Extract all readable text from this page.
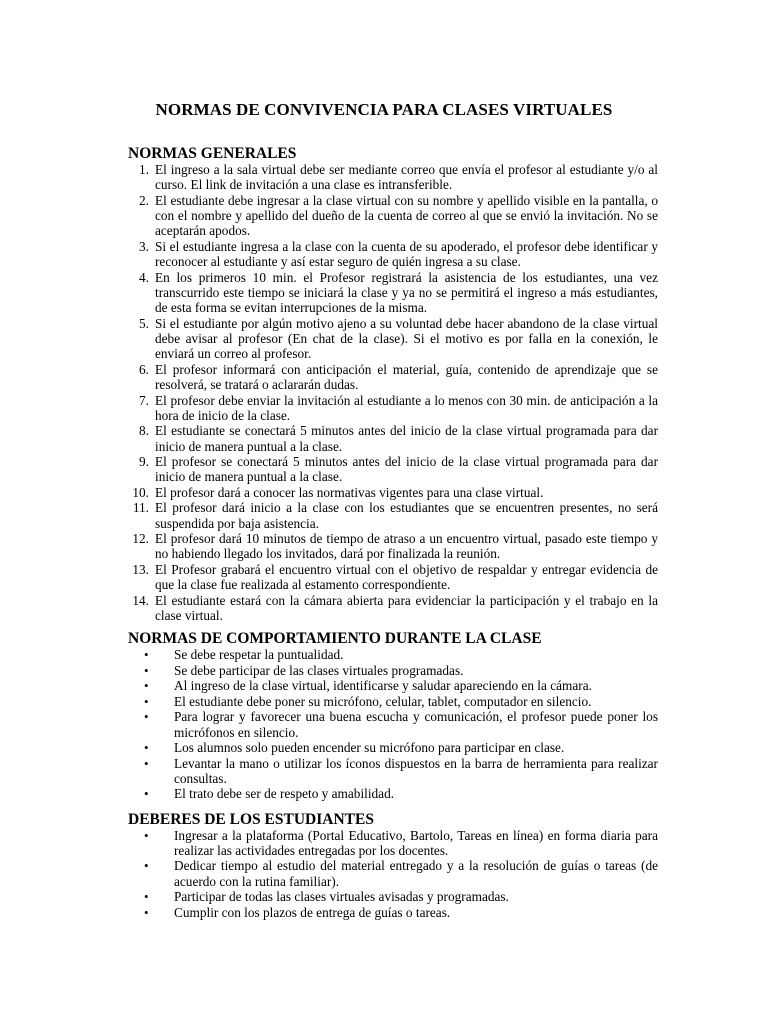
NORMAS DE CONVIVENCIA PARA CLASES VIRTUALES
NORMAS GENERALES
1. El ingreso a la sala virtual debe ser mediante correo que envía el profesor al estudiante y/o al curso. El link de invitación a una clase es intransferible.
2. El estudiante debe ingresar a la clase virtual con su nombre y apellido visible en la pantalla, o con el nombre y apellido del dueño de la cuenta de correo al que se envió la invitación. No se aceptarán apodos.
3. Si el estudiante ingresa a la clase con la cuenta de su apoderado, el profesor debe identificar y reconocer al estudiante y así estar seguro de quién ingresa a su clase.
4. En los primeros 10 min. el Profesor registrará la asistencia de los estudiantes, una vez transcurrido este tiempo se iniciará la clase y ya no se permitirá el ingreso a más estudiantes, de esta forma se evitan interrupciones de la misma.
5. Si el estudiante por algún motivo ajeno a su voluntad debe hacer abandono de la clase virtual debe avisar al profesor (En chat de la clase). Si el motivo es por falla en la conexión, le enviará un correo al profesor.
6. El profesor informará con anticipación el material, guía, contenido de aprendizaje que se resolverá, se tratará o aclararán dudas.
7. El profesor debe enviar la invitación al estudiante a lo menos con 30 min. de anticipación a la hora de inicio de la clase.
8. El estudiante se conectará 5 minutos antes del inicio de la clase virtual programada para dar inicio de manera puntual a la clase.
9. El profesor se conectará 5 minutos antes del inicio de la clase virtual programada para dar inicio de manera puntual a la clase.
10. El profesor dará a conocer las normativas vigentes para una clase virtual.
11. El profesor dará inicio a la clase con los estudiantes que se encuentren presentes, no será suspendida por baja asistencia.
12. El profesor dará 10 minutos de tiempo de atraso a un encuentro virtual, pasado este tiempo y no habiendo llegado los invitados, dará por finalizada la reunión.
13. El Profesor grabará el encuentro virtual con el objetivo de respaldar y entregar evidencia de que la clase fue realizada al estamento correspondiente.
14. El estudiante estará con la cámara abierta para evidenciar la participación y el trabajo en la clase virtual.
NORMAS DE COMPORTAMIENTO DURANTE LA CLASE
• Se debe respetar la puntualidad.
• Se debe participar de las clases virtuales programadas.
• Al ingreso de la clase virtual, identificarse y saludar apareciendo en la cámara.
• El estudiante debe poner su micrófono, celular, tablet, computador en silencio.
• Para lograr y favorecer una buena escucha y comunicación, el profesor puede poner los micrófonos en silencio.
• Los alumnos solo pueden encender su micrófono para participar en clase.
• Levantar la mano o utilizar los íconos dispuestos en la barra de herramienta para realizar consultas.
• El trato debe ser de respeto y amabilidad.
DEBERES DE LOS ESTUDIANTES
• Ingresar a la plataforma (Portal Educativo, Bartolo, Tareas en línea) en forma diaria para realizar las actividades entregadas por los docentes.
• Dedicar tiempo al estudio del material entregado y a la resolución de guías o tareas (de acuerdo con la rutina familiar).
• Participar de todas las clases virtuales avisadas y programadas.
• Cumplir con los plazos de entrega de guías o tareas.
